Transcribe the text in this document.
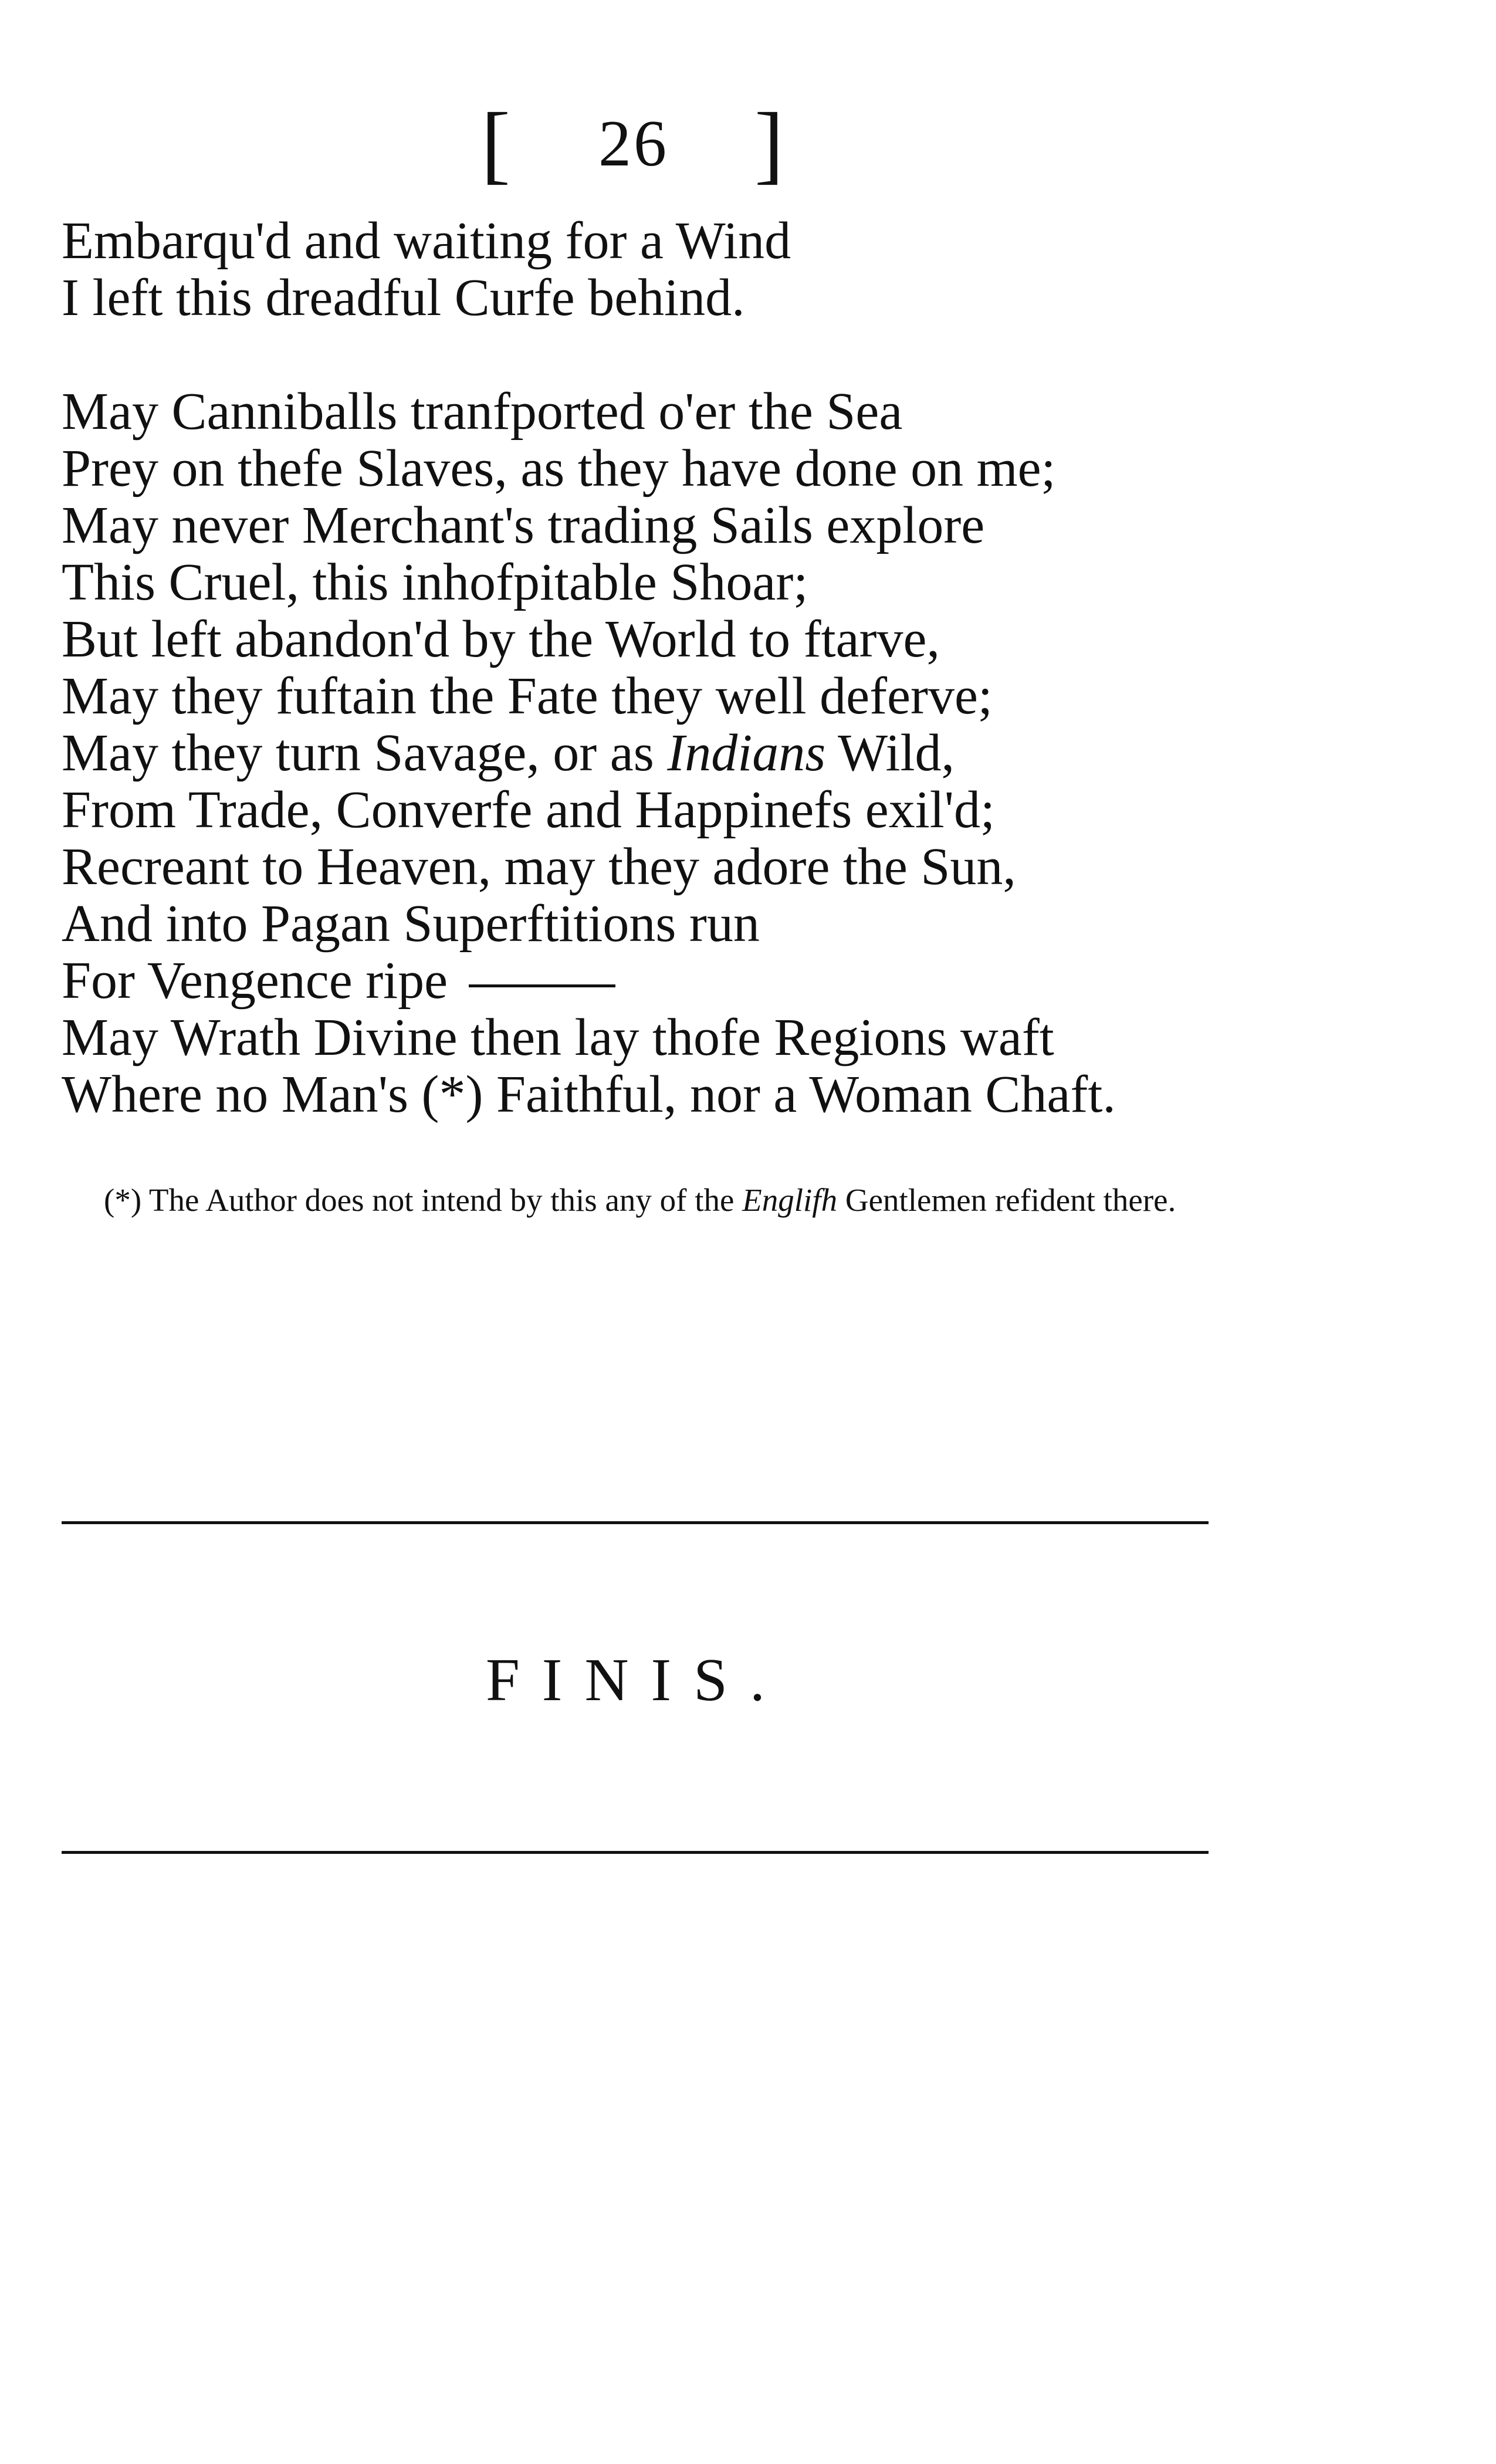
[ 26 ]

Embarqu'd and waiting for a Wind
I left this dreadful Curfe behind.

May Canniballs tranfported o'er the Sea
Prey on thefe Slaves, as they have done on me;
May never Merchant's trading Sails explore
This Cruel, this inhofpitable Shoar;
But left abandon'd by the World to ftarve,
May they fuftain the Fate they well deferve;
May they turn Savage, or as Indians Wild,
From Trade, Converfe and Happinefs exil'd;
Recreant to Heaven, may they adore the Sun,
And into Pagan Superftitions run
For Vengence ripe
May Wrath Divine then lay thofe Regions waft
Where no Man's (*) Faithful, nor a Woman Chaft.

(*) The Author does not intend by this any of the Englifh Gentlemen refident there.
FINIS.
